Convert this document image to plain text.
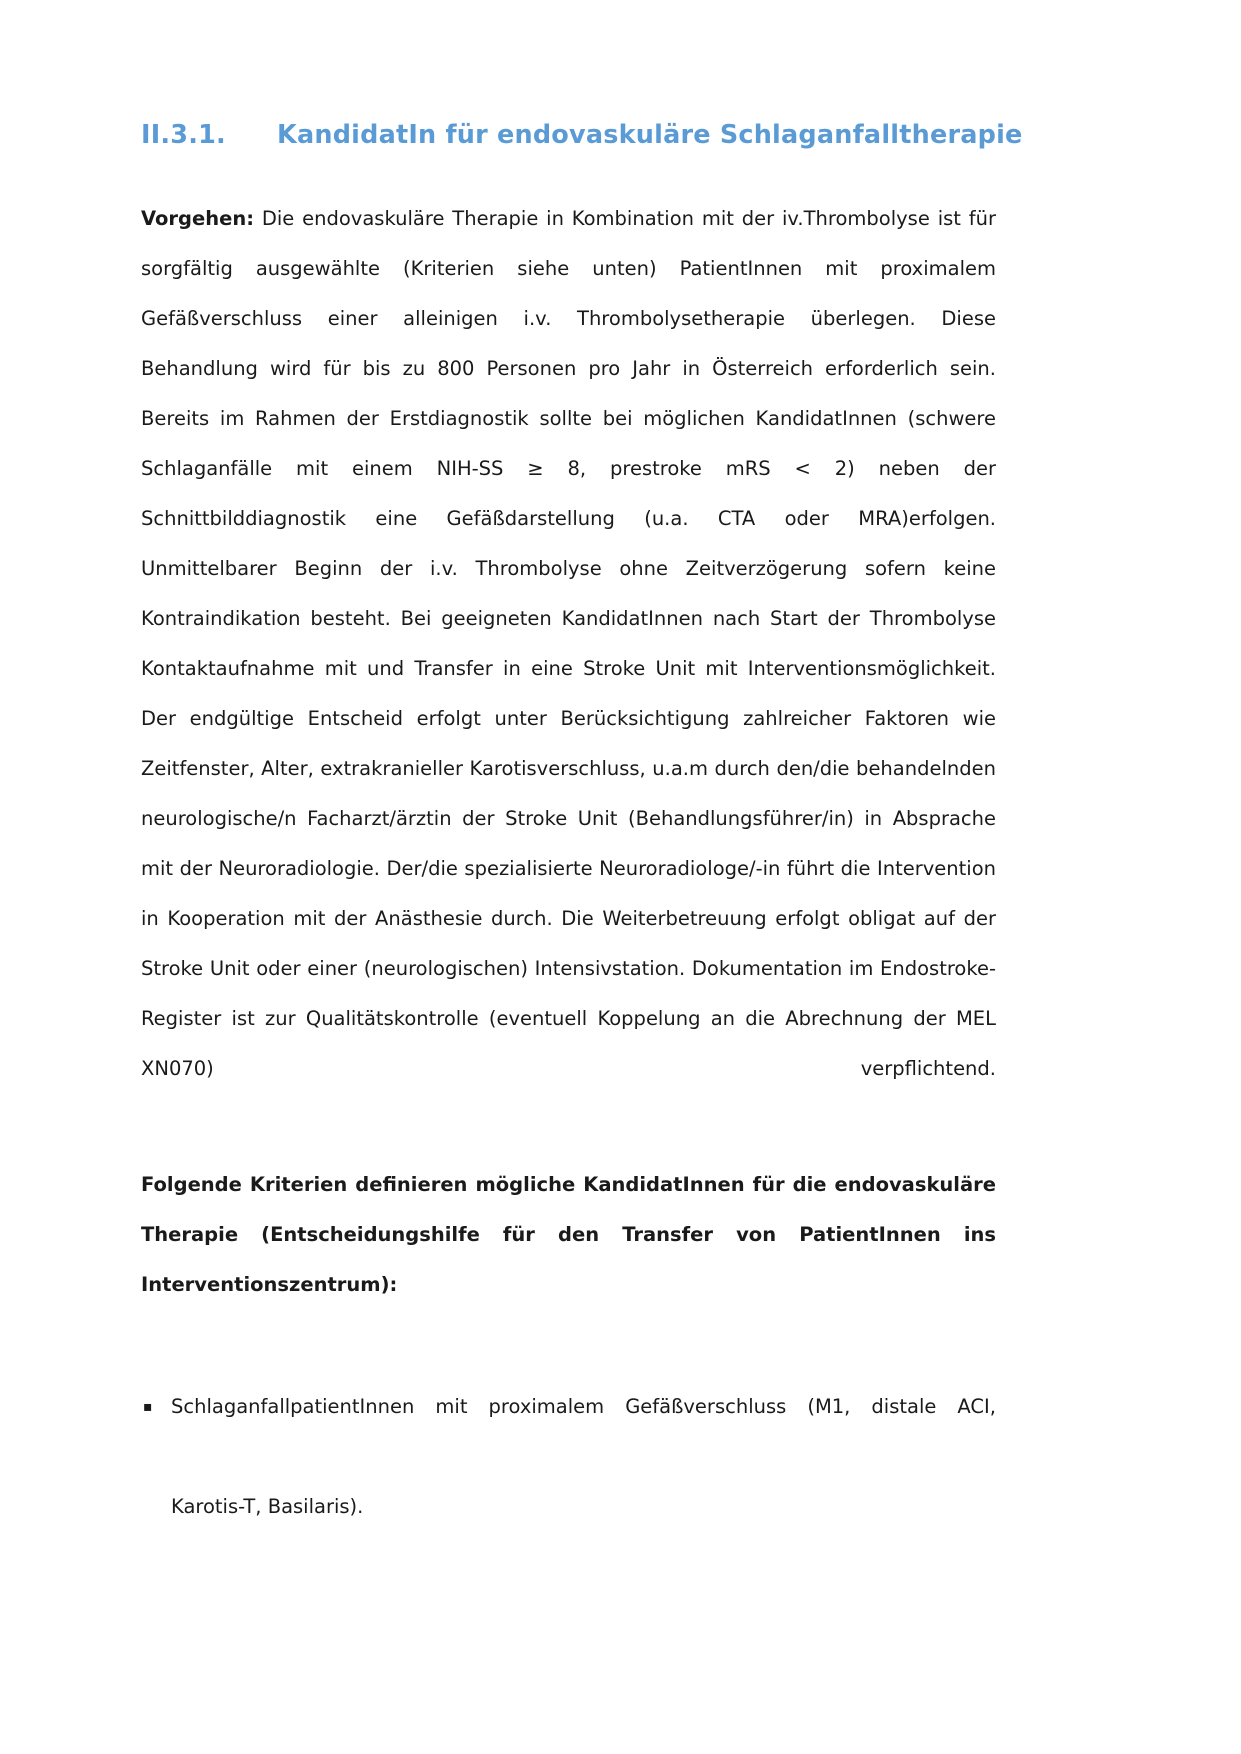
II.3.1.	KandidatIn für endovaskuläre Schlaganfalltherapie

Vorgehen: Die endovaskuläre Therapie in Kombination mit der iv.Thrombolyse ist für sorgfältig ausgewählte (Kriterien siehe unten) PatientInnen mit proximalem Gefäßverschluss einer alleinigen i.v. Thrombolysetherapie überlegen. Diese Behandlung wird für bis zu 800 Personen pro Jahr in Österreich erforderlich sein. Bereits im Rahmen der Erstdiagnostik sollte bei möglichen KandidatInnen (schwere Schlaganfälle mit einem NIH-SS ≥ 8, prestroke mRS < 2) neben der Schnittbilddiagnostik eine Gefäßdarstellung (u.a. CTA oder MRA)erfolgen. Unmittelbarer Beginn der i.v. Thrombolyse ohne Zeitverzögerung sofern keine Kontraindikation besteht. Bei geeigneten KandidatInnen nach Start der Thrombolyse Kontaktaufnahme mit und Transfer in eine Stroke Unit mit Interventionsmöglichkeit. Der endgültige Entscheid erfolgt unter Berücksichtigung zahlreicher Faktoren wie Zeitfenster, Alter, extrakranieller Karotisverschluss, u.a.m durch den/die behandelnden neurologische/n Facharzt/ärztin der Stroke Unit (Behandlungsführer/in) in Absprache mit der Neuroradiologie. Der/die spezialisierte Neuroradiologe/-in führt die Intervention in Kooperation mit der Anästhesie durch. Die Weiterbetreuung erfolgt obligat auf der Stroke Unit oder einer (neurologischen) Intensivstation. Dokumentation im Endostroke-Register ist zur Qualitätskontrolle (eventuell Koppelung an die Abrechnung der MEL XN070) verpflichtend.

Folgende Kriterien definieren mögliche KandidatInnen für die endovaskuläre Therapie (Entscheidungshilfe für den Transfer von PatientInnen ins Interventionszentrum):

▪ SchlaganfallpatientInnen mit proximalem Gefäßverschluss (M1, distale ACI,
Karotis-T, Basilaris).
